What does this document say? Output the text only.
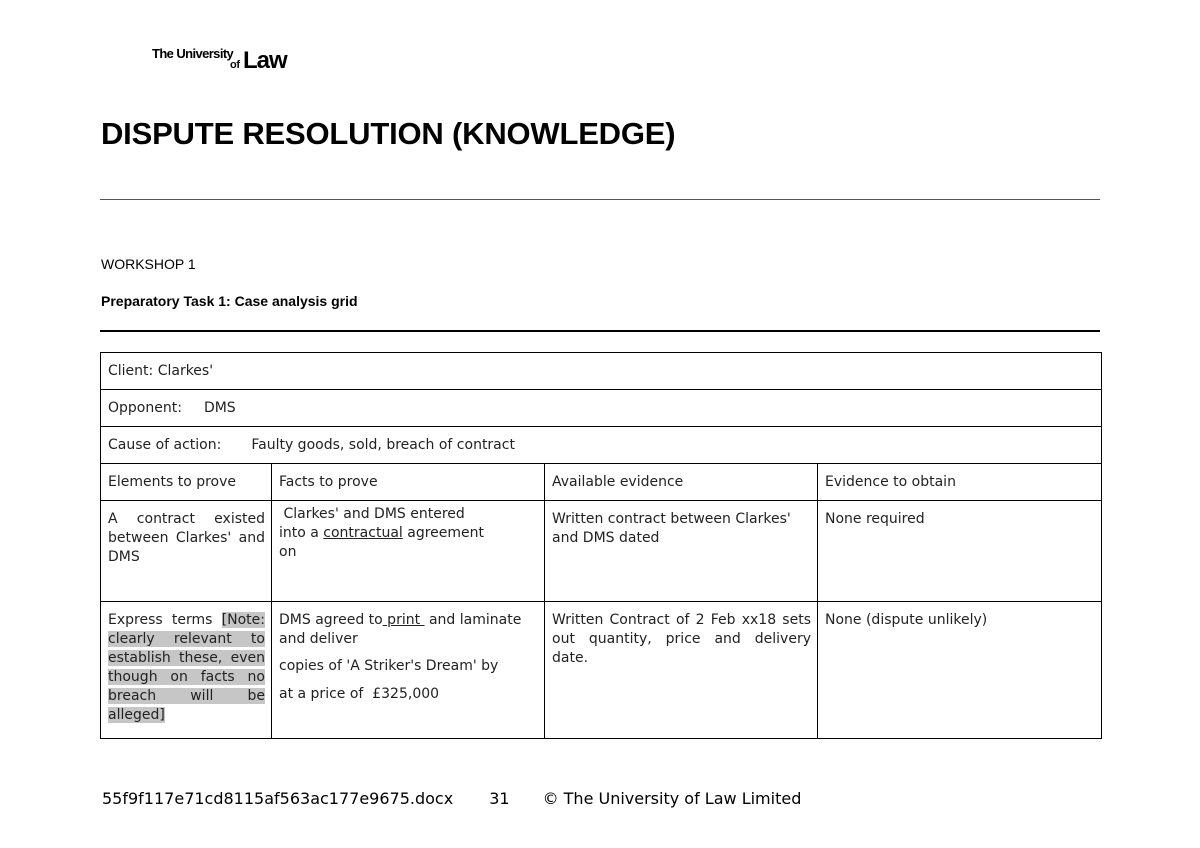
The University
of Law
DISPUTE RESOLUTION (KNOWLEDGE)
WORKSHOP 1
Preparatory Task 1: Case analysis grid
Client: Clarkes'			
Opponent: DMS			
Cause of action: Faulty goods, sold, breach of contract			
Elements to prove	Facts to prove	Available evidence	Evidence to obtain
A contract existed between Clarkes' and DMS	Clarkes' and DMS entered
into a contractual agreement
on	Written contract between Clarkes' and DMS dated	None required
Express terms [Note: clearly relevant to establish these, even though on facts no breach will be alleged]	DMS agreed to print  and laminate and deliver
copies of 'A Striker's Dream' by
at a price of  £325,000	Written Contract of 2 Feb xx18 sets out quantity, price and delivery date.	None (dispute unlikely)
55f9f117e71cd8115af563ac177e9675.docx 31 © The University of Law Limited
